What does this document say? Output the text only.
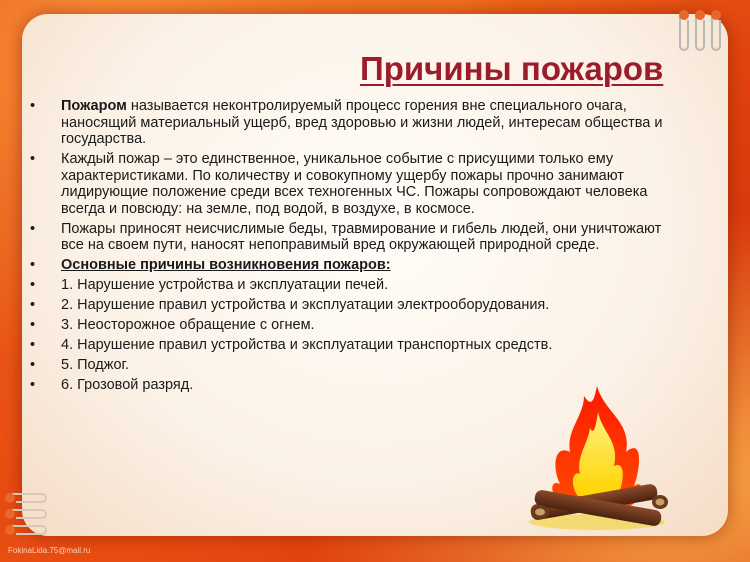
Причины пожаров
• Пожаром называется неконтролируемый процесс горения вне специального очага, наносящий материальный ущерб, вред здоровью и жизни людей, интересам общества и государства.
• Каждый пожар – это единственное, уникальное событие с присущими только ему характеристиками. По количеству и совокупному ущербу пожары прочно занимают лидирующие положение среди всех техногенных ЧС. Пожары сопровождают человека всегда и повсюду: на земле, под водой, в воздухе, в космосе.
• Пожары приносят неисчислимые беды, травмирование и гибель людей, они уничтожают все на своем пути, наносят непоправимый вред окружающей природной среде.
• Основные причины возникновения пожаров:
• 1. Нарушение устройства и эксплуатации печей.
• 2. Нарушение правил устройства и эксплуатации электрооборудования.
• 3. Неосторожное обращение с огнем.
• 4. Нарушение правил устройства и эксплуатации транспортных средств.
• 5. Поджог.
• 6. Грозовой разряд.
FokinaLida.75@mail.ru
